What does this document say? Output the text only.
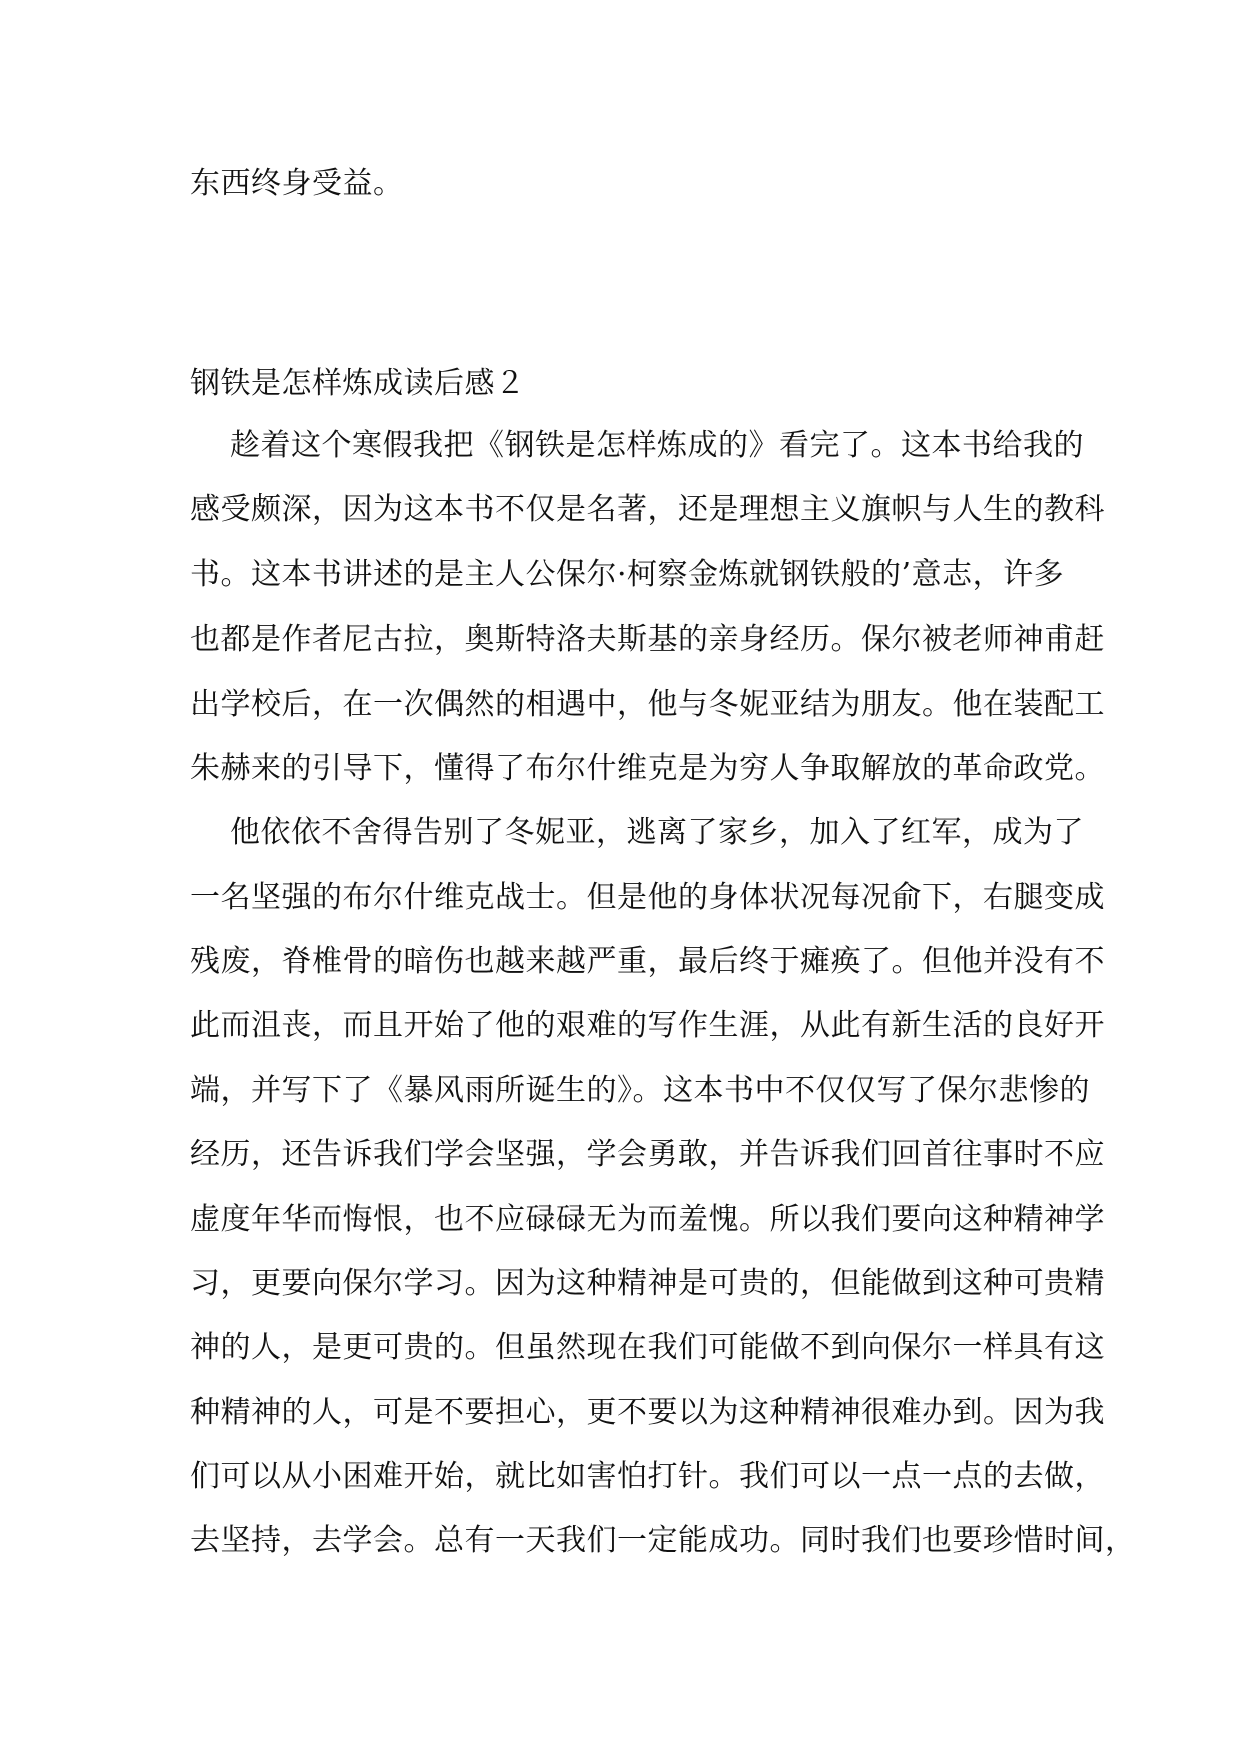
东西终身受益。
钢铁是怎样炼成读后感２
趁着这个寒假我把《钢铁是怎样炼成的》看完了。这本书给我的
感受颇深，因为这本书不仅是名著，还是理想主义旗帜与人生的教科
书。这本书讲述的是主人公保尔·柯察金炼就钢铁般的’意志，许多
也都是作者尼古拉，奥斯特洛夫斯基的亲身经历。保尔被老师神甫赶
出学校后，在一次偶然的相遇中，他与冬妮亚结为朋友。他在装配工
朱赫来的引导下，懂得了布尔什维克是为穷人争取解放的革命政党。
他依依不舍得告别了冬妮亚，逃离了家乡，加入了红军，成为了
一名坚强的布尔什维克战士。但是他的身体状况每况俞下，右腿变成
残废，脊椎骨的暗伤也越来越严重，最后终于瘫痪了。但他并没有不
此而沮丧，而且开始了他的艰难的写作生涯，从此有新生活的良好开
端，并写下了《暴风雨所诞生的》。这本书中不仅仅写了保尔悲惨的
经历，还告诉我们学会坚强，学会勇敢，并告诉我们回首往事时不应
虚度年华而悔恨，也不应碌碌无为而羞愧。所以我们要向这种精神学
习，更要向保尔学习。因为这种精神是可贵的，但能做到这种可贵精
神的人，是更可贵的。但虽然现在我们可能做不到向保尔一样具有这
种精神的人，可是不要担心，更不要以为这种精神很难办到。因为我
们可以从小困难开始，就比如害怕打针。我们可以一点一点的去做，
去坚持，去学会。总有一天我们一定能成功。同时我们也要珍惜时间，
